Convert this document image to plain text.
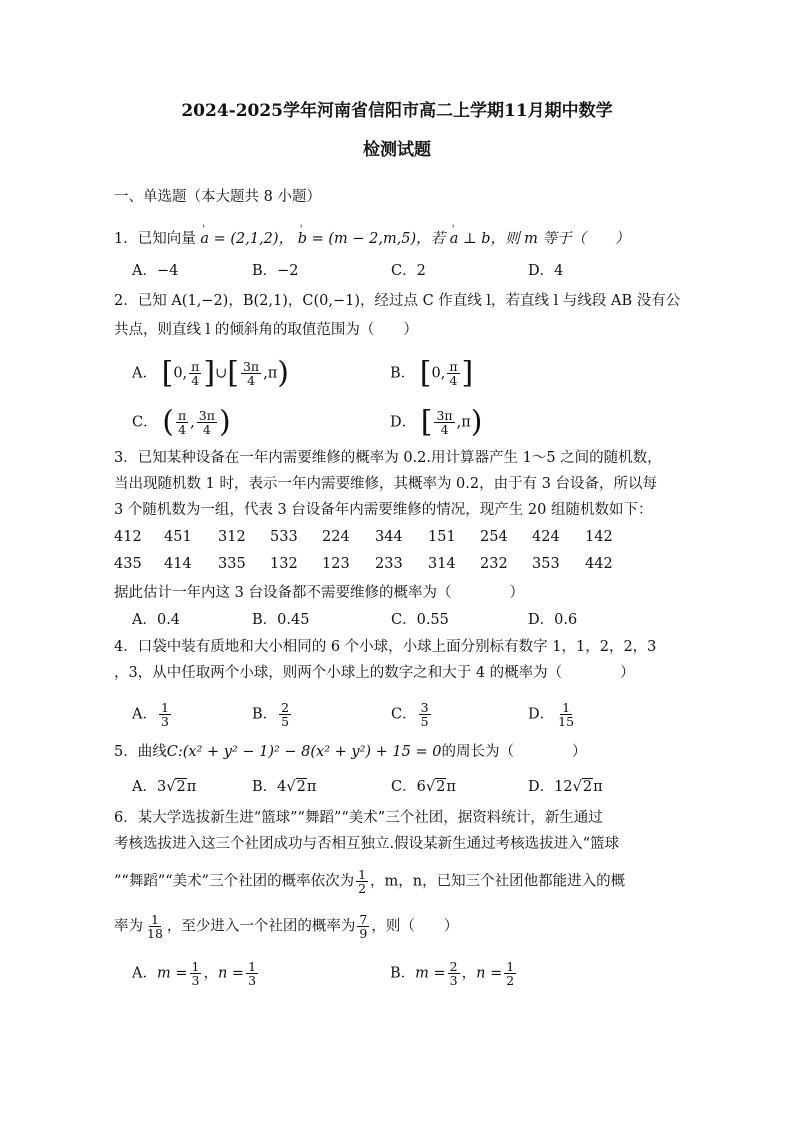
2024-2025学年河南省信阳市高二上学期11月期中数学
检测试题
一、单选题（本大题共 8 小题）
1．已知向量 ' a = (2,1,2)， ' b = (m − 2,m,5)，若 ' a ⊥ b，则 m 等于（　　）
A．−4	B．−2	C．2	D．4
2．已知 A(1,−2)，B(2,1)，C(0,−1)，经过点 C 作直线 l，若直线 l 与线段 AB 没有公
共点，则直线 l 的倾斜角的取值范围为（　　）
A． [0, $\frac{\pi}{4}$ ]∪[ $\frac{3\pi}{4} ,\pi$)	B． [0, $\frac{\pi}{4}$ ]
C． ( $\frac{\pi}{4}$ , $\frac{3\pi}{4}$ )	D． [ $\frac{3\pi}{4} ,\pi$)
3．已知某种设备在一年内需要维修的概率为 0.2.用计算器产生 1～5 之间的随机数，
当出现随机数 1 时，表示一年内需要维修，其概率为 0.2，由于有 3 台设备，所以每
3 个随机数为一组，代表 3 台设备年内需要维修的情况，现产生 20 组随机数如下：
412 451 312 533 224 344 151 254 424 142
435 414 335 132 123 233 314 232 353 442
据此估计一年内这 3 台设备都不需要维修的概率为（　　　　）
A．0.4	B．0.45	C．0.55	D．0.6
4．口袋中装有质地和大小相同的 6 个小球，小球上面分别标有数字 1，1，2，2，3
，3，从中任取两个小球，则两个小球上的数字之和大于 4 的概率为（　　　　）
A． $\frac{1}{3}$	B． $\frac{2}{5}$	C． $\frac{3}{5}$	D． $\frac{1}{15}$
5．曲线C:(x² + y² − 1)² − 8(x² + y²) + 15 = 0的周长为（　　　　）
A．3√2π	B．4√2π	C．6√2π	D．12√2π
6．某大学选拔新生进“篮球”“舞蹈”“美术”三个社团，据资料统计，新生通过
考核选拔进入这三个社团成功与否相互独立.假设某新生通过考核选拔进入“篮球
”“舞蹈”“美术”三个社团的概率依次为 $\frac{1}{2}$ ，m，n，已知三个社团他都能进入的概
率为 $\frac{1}{18}$ ，至少进入一个社团的概率为 $\frac{7}{9}$ ，则（　　）
A．$m = \frac{1}{3}$ ，$n = \frac{1}{3}$	B．$m = \frac{2}{3}$ ，$n = \frac{1}{2}$
